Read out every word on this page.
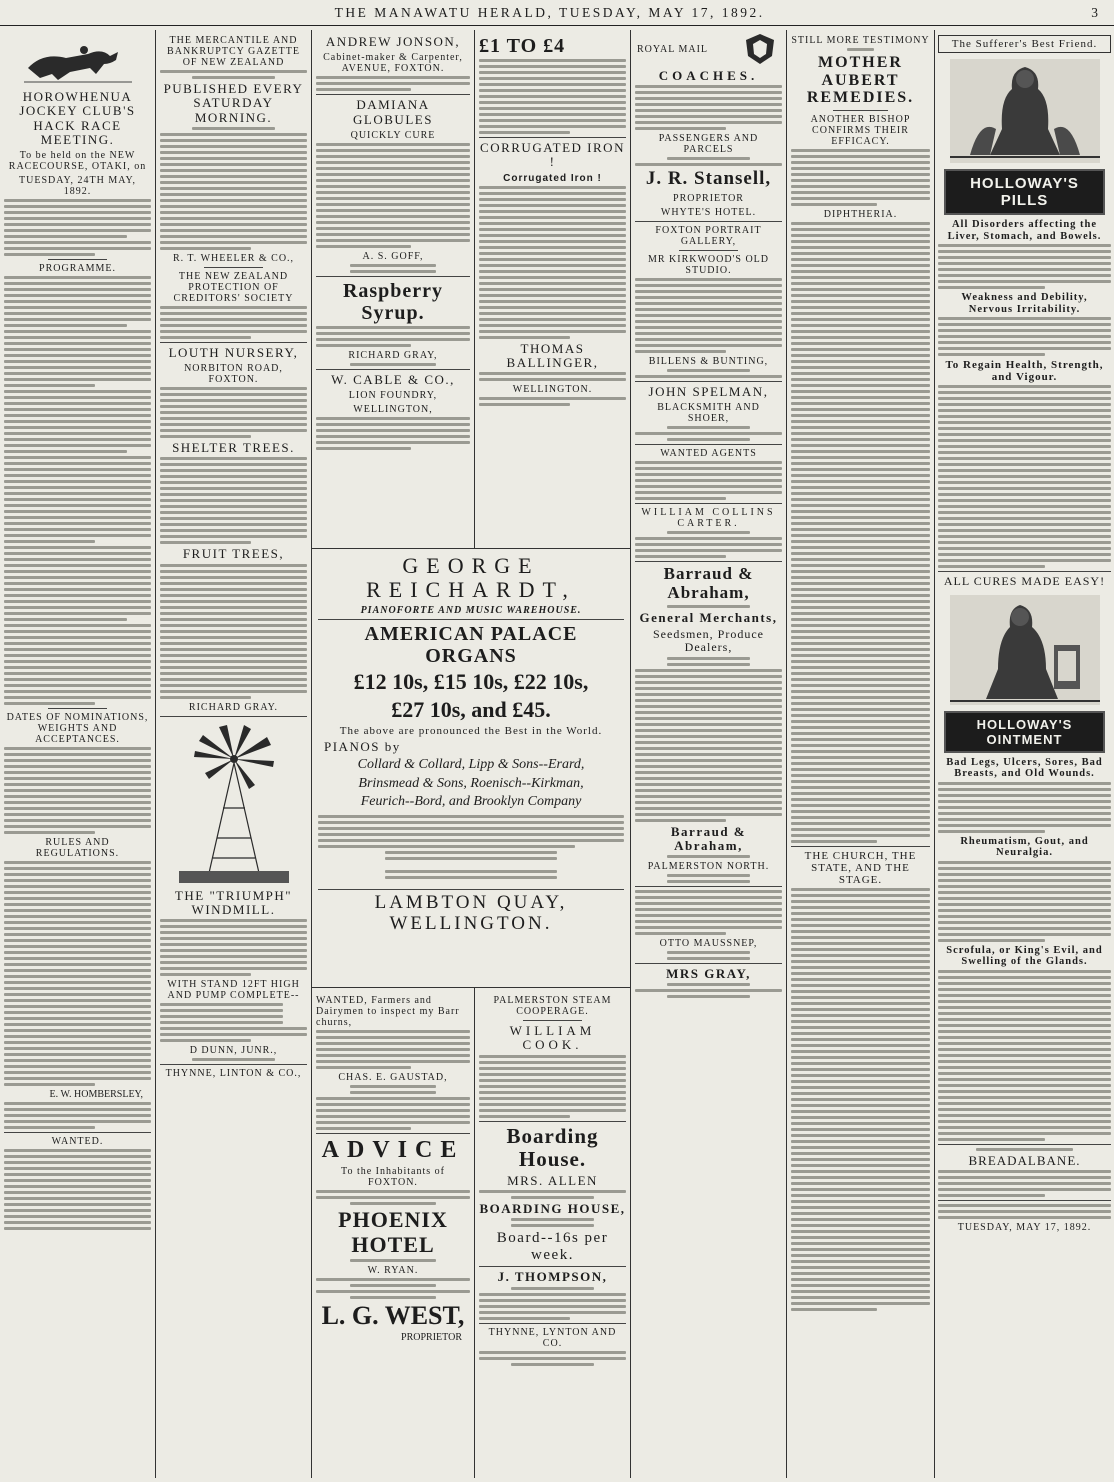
THE MANAWATU HERALD, TUESDAY, MAY 17, 1892.	3
HOROWHENUA JOCKEY CLUB'S HACK RACE MEETING.
To be held on the NEW RACECOURSE, OTAKI, on
TUESDAY, 24TH MAY, 1892.
PROGRAMME.
DATES OF NOMINATIONS, WEIGHTS AND ACCEPTANCES.
RULES AND REGULATIONS.
E. W. HOMBERSLEY,
WANTED.
THE MERCANTILE AND BANKRUPTCY GAZETTE OF NEW ZEALAND
PUBLISHED EVERY SATURDAY MORNING.
R. T. WHEELER & CO.,
THE NEW ZEALAND PROTECTION OF CREDITORS' SOCIETY
LOUTH NURSERY,
NORBITON ROAD, FOXTON.
SHELTER TREES.
FRUIT TREES,
RICHARD GRAY.
THE "TRIUMPH" WINDMILL.
WITH STAND 12FT HIGH AND PUMP COMPLETE--
D DUNN, JUNR.,
THYNNE, LINTON & CO.,
ANDREW JONSON,
Cabinet-maker & Carpenter, AVENUE, FOXTON.
DAMIANA GLOBULES
QUICKLY CURE
A. S. GOFF,
Raspberry Syrup.
RICHARD GRAY,
W. CABLE & CO.,
LION FOUNDRY,
WELLINGTON,
GEORGE REICHARDT,
PIANOFORTE AND MUSIC WAREHOUSE.
AMERICAN PALACE ORGANS
£12 10s, £15 10s, £22 10s,
£27 10s, and £45.
The above are pronounced the Best in the World.
PIANOS by
Collard & Collard, Lipp & Sons--Erard,
Brinsmead & Sons, Roenisch--Kirkman,
Feurich--Bord, and Brooklyn Company
LAMBTON QUAY, WELLINGTON.
WANTED, Farmers and Dairymen to inspect my Barr churns,
CHAS. E. GAUSTAD,
ADVICE
To the Inhabitants of FOXTON.
PHOENIX HOTEL
W. RYAN.
L. G. WEST,
PROPRIETOR
£1 TO £4
CORRUGATED IRON !
Corrugated Iron !
THOMAS BALLINGER,
WELLINGTON.
PALMERSTON STEAM COOPERAGE.
WILLIAM COOK.
Boarding House.
MRS. ALLEN
BOARDING HOUSE,
Board--16s per week.
J. THOMPSON,
THYNNE, LYNTON AND CO.
ROYAL MAIL
COACHES.
PASSENGERS AND PARCELS
J. R. Stansell,
PROPRIETOR
WHYTE'S HOTEL.
FOXTON PORTRAIT GALLERY,
MR KIRKWOOD'S OLD STUDIO.
BILLENS & BUNTING,
JOHN SPELMAN,
BLACKSMITH AND SHOER,
WANTED AGENTS
WILLIAM COLLINS CARTER.
Barraud & Abraham,
General Merchants,
Seedsmen, Produce Dealers,
Barraud & Abraham,
PALMERSTON NORTH.
OTTO MAUSSNEP,
MRS GRAY,
STILL MORE TESTIMONY
MOTHER AUBERT REMEDIES.
ANOTHER BISHOP CONFIRMS THEIR EFFICACY.
DIPHTHERIA.
THE CHURCH, THE STATE, AND THE STAGE.
The Sufferer's Best Friend.
HOLLOWAY'S PILLS
All Disorders affecting the Liver, Stomach, and Bowels.
Weakness and Debility, Nervous Irritability.
To Regain Health, Strength, and Vigour.
ALL CURES MADE EASY!
HOLLOWAY'S OINTMENT
Bad Legs, Ulcers, Sores, Bad Breasts, and Old Wounds.
Rheumatism, Gout, and Neuralgia.
Scrofula, or King's Evil, and Swelling of the Glands.
BREADALBANE.
TUESDAY, MAY 17, 1892.
